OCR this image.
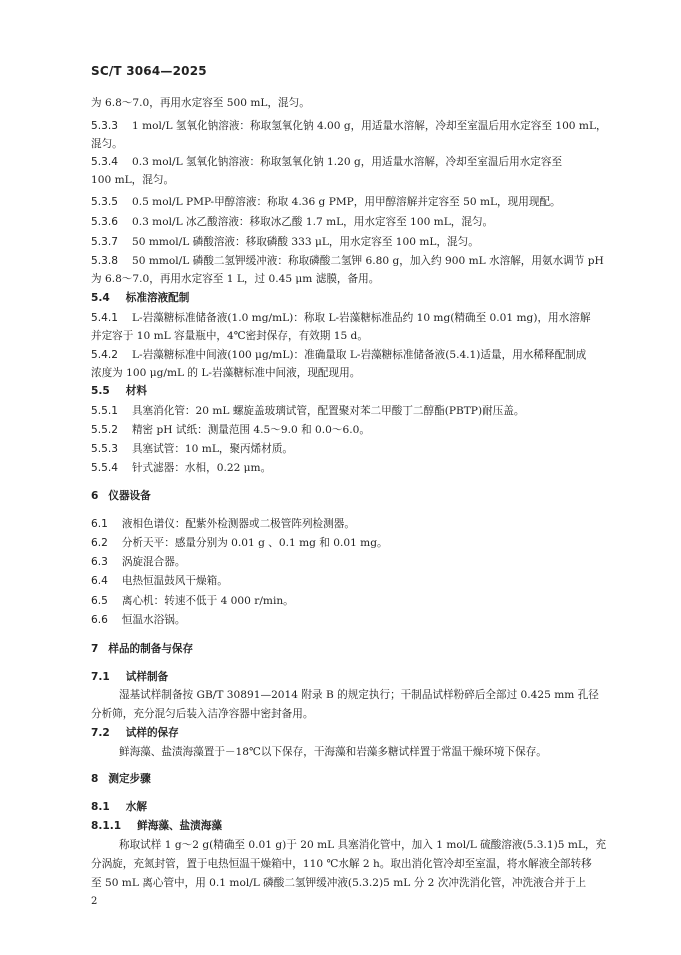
SC/T 3064—2025
为 6.8～7.0，再用水定容至 500 mL，混匀。
5.3.3 1 mol/L 氢氧化钠溶液：称取氢氧化钠 4.00 g，用适量水溶解，冷却至室温后用水定容至 100 mL，
混匀。
5.3.4 0.3 mol/L 氢氧化钠溶液：称取氢氧化钠 1.20 g，用适量水溶解，冷却至室温后用水定容至
100 mL，混匀。
5.3.5 0.5 mol/L PMP-甲醇溶液：称取 4.36 g PMP，用甲醇溶解并定容至 50 mL，现用现配。
5.3.6 0.3 mol/L 冰乙酸溶液：移取冰乙酸 1.7 mL，用水定容至 100 mL，混匀。
5.3.7 50 mmol/L 磷酸溶液：移取磷酸 333 μL，用水定容至 100 mL，混匀。
5.3.8 50 mmol/L 磷酸二氢钾缓冲液：称取磷酸二氢钾 6.80 g，加入约 900 mL 水溶解，用氨水调节 pH
为 6.8～7.0，再用水定容至 1 L，过 0.45 μm 滤膜，备用。
5.4 标准溶液配制
5.4.1 L-岩藻糖标准储备液(1.0 mg/mL)：称取 L-岩藻糖标准品约 10 mg(精确至 0.01 mg)，用水溶解
并定容于 10 mL 容量瓶中，4℃密封保存，有效期 15 d。
5.4.2 L-岩藻糖标准中间液(100 μg/mL)：准确量取 L-岩藻糖标准储备液(5.4.1)适量，用水稀释配制成
浓度为 100 μg/mL 的 L-岩藻糖标准中间液，现配现用。
5.5 材料
5.5.1 具塞消化管：20 mL 螺旋盖玻璃试管，配置聚对苯二甲酸丁二醇酯(PBTP)耐压盖。
5.5.2 精密 pH 试纸：测量范围 4.5～9.0 和 0.0～6.0。
5.5.3 具塞试管：10 mL，聚丙烯材质。
5.5.4 针式滤器：水相，0.22 μm。
6 仪器设备
6.1 液相色谱仪：配紫外检测器或二极管阵列检测器。
6.2 分析天平：感量分别为 0.01 g 、0.1 mg 和 0.01 mg。
6.3 涡旋混合器。
6.4 电热恒温鼓风干燥箱。
6.5 离心机：转速不低于 4 000 r/min。
6.6 恒温水浴锅。
7 样品的制备与保存
7.1 试样制备
湿基试样制备按 GB/T 30891—2014 附录 B 的规定执行；干制品试样粉碎后全部过 0.425 mm 孔径
分析筛，充分混匀后装入洁净容器中密封备用。
7.2 试样的保存
鲜海藻、盐渍海藻置于－18℃以下保存，干海藻和岩藻多糖试样置于常温干燥环境下保存。
8 测定步骤
8.1 水解
8.1.1 鲜海藻、盐渍海藻
称取试样 1 g～2 g(精确至 0.01 g)于 20 mL 具塞消化管中，加入 1 mol/L 硫酸溶液(5.3.1)5 mL，充
分涡旋，充氮封管，置于电热恒温干燥箱中，110 ℃水解 2 h。取出消化管冷却至室温，将水解液全部转移
至 50 mL 离心管中，用 0.1 mol/L 磷酸二氢钾缓冲液(5.3.2)5 mL 分 2 次冲洗消化管，冲洗液合并于上
2
